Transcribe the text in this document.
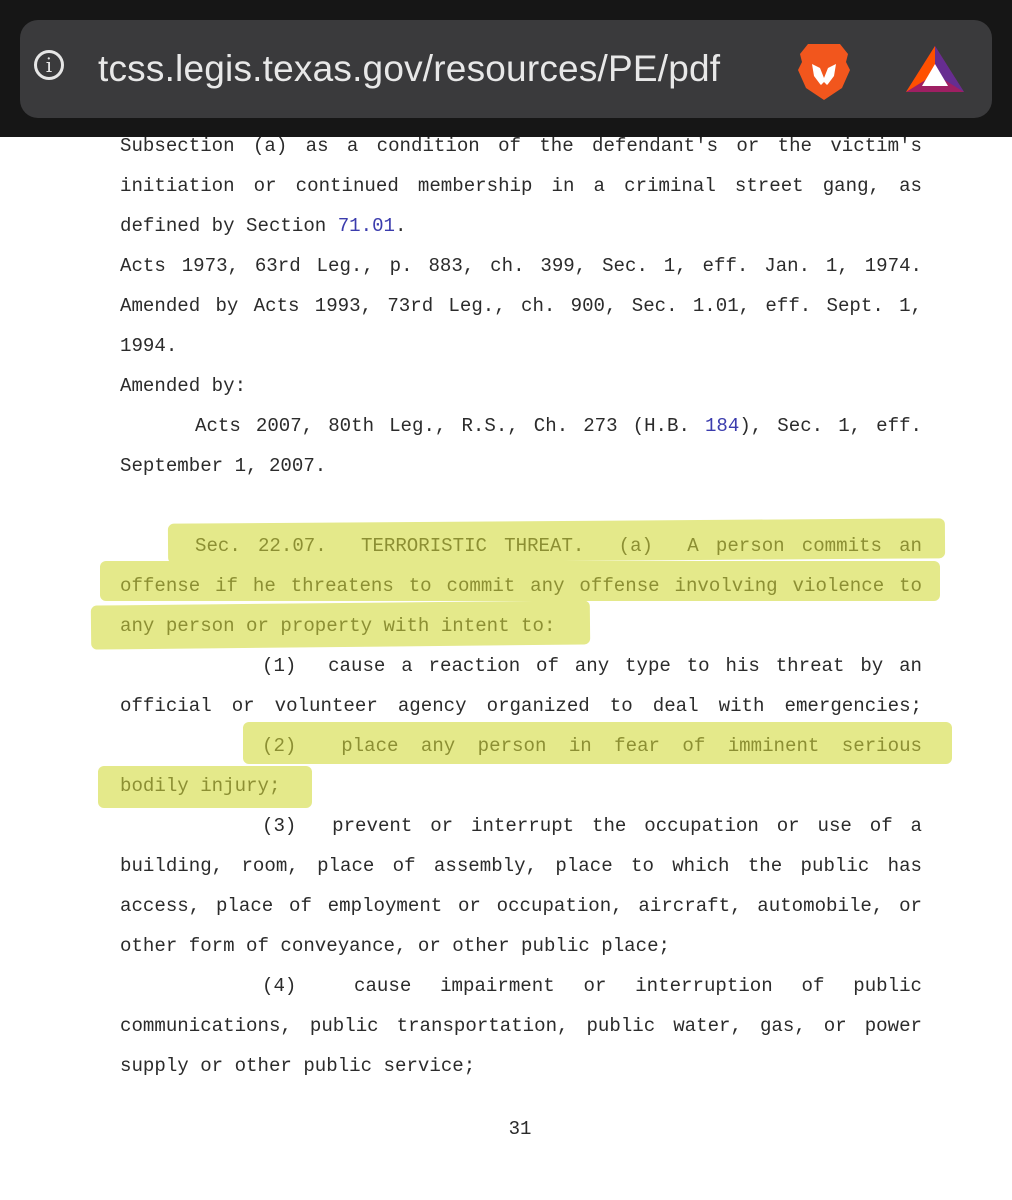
i	tcss.legis.texas.gov/resources/PE/pdf
Subsection (a) as a condition of the defendant's or the victim's
initiation or continued membership in a criminal street gang, as
defined by Section 71.01.
Acts 1973, 63rd Leg., p. 883, ch. 399, Sec. 1, eff. Jan. 1, 1974.
Amended by Acts 1993, 73rd Leg., ch. 900, Sec. 1.01, eff. Sept. 1,
1994.
Amended by:
Acts 2007, 80th Leg., R.S., Ch. 273 (H.B. 184), Sec. 1, eff.
September 1, 2007.
Sec. 22.07.  TERRORISTIC THREAT.  (a)  A person commits an
offense if he threatens to commit any offense involving violence to
any person or property with intent to:
(1)  cause a reaction of any type to his threat by an
official or volunteer agency organized to deal with emergencies;
(2)  place any person in fear of imminent serious
bodily injury;
(3)  prevent or interrupt the occupation or use of a
building, room, place of assembly, place to which the public has
access, place of employment or occupation, aircraft, automobile, or
other form of conveyance, or other public place;
(4)  cause impairment or interruption of public
communications, public transportation, public water, gas, or power
supply or other public service;
31
